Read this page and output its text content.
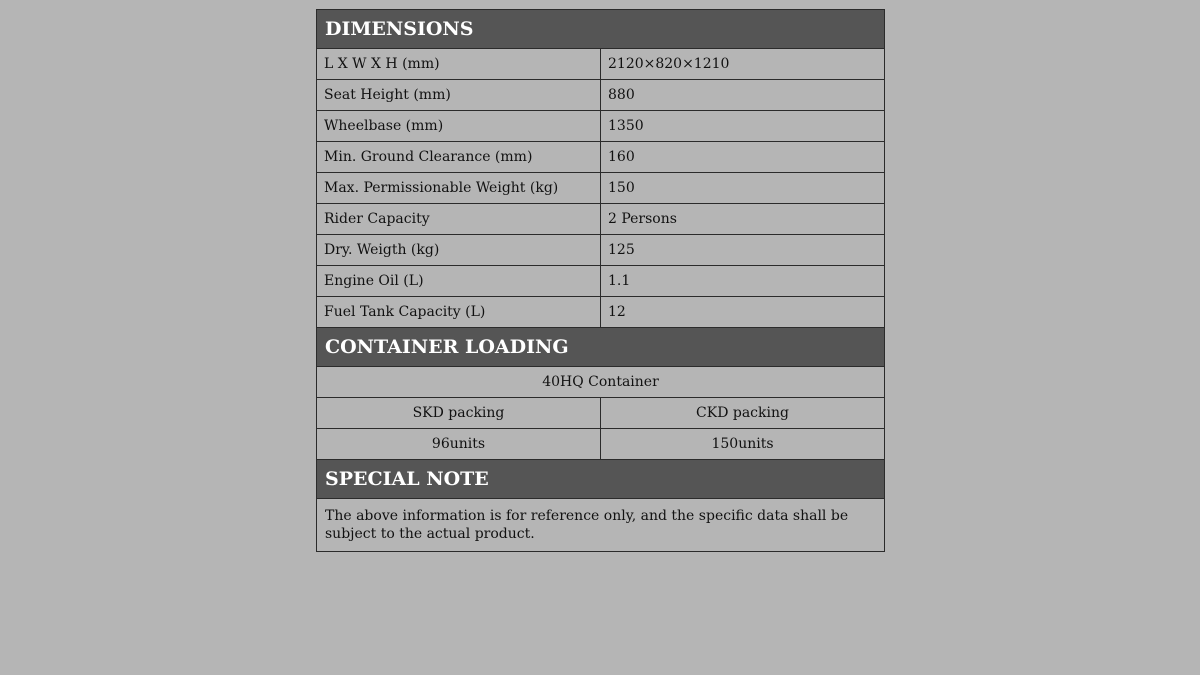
DIMENSIONS	
L X W X H (mm)	2120×820×1210
Seat Height (mm)	880
Wheelbase (mm)	1350
Min. Ground Clearance (mm)	160
Max. Permissionable Weight (kg)	150
Rider Capacity	2 Persons
Dry. Weigth (kg)	125
Engine Oil (L)	1.1
Fuel Tank Capacity (L)	12
CONTAINER LOADING	
40HQ Container	
SKD packing	CKD packing
96units	150units
SPECIAL NOTE	
The above information is for reference only, and the specific data shall be subject to the actual product.	
